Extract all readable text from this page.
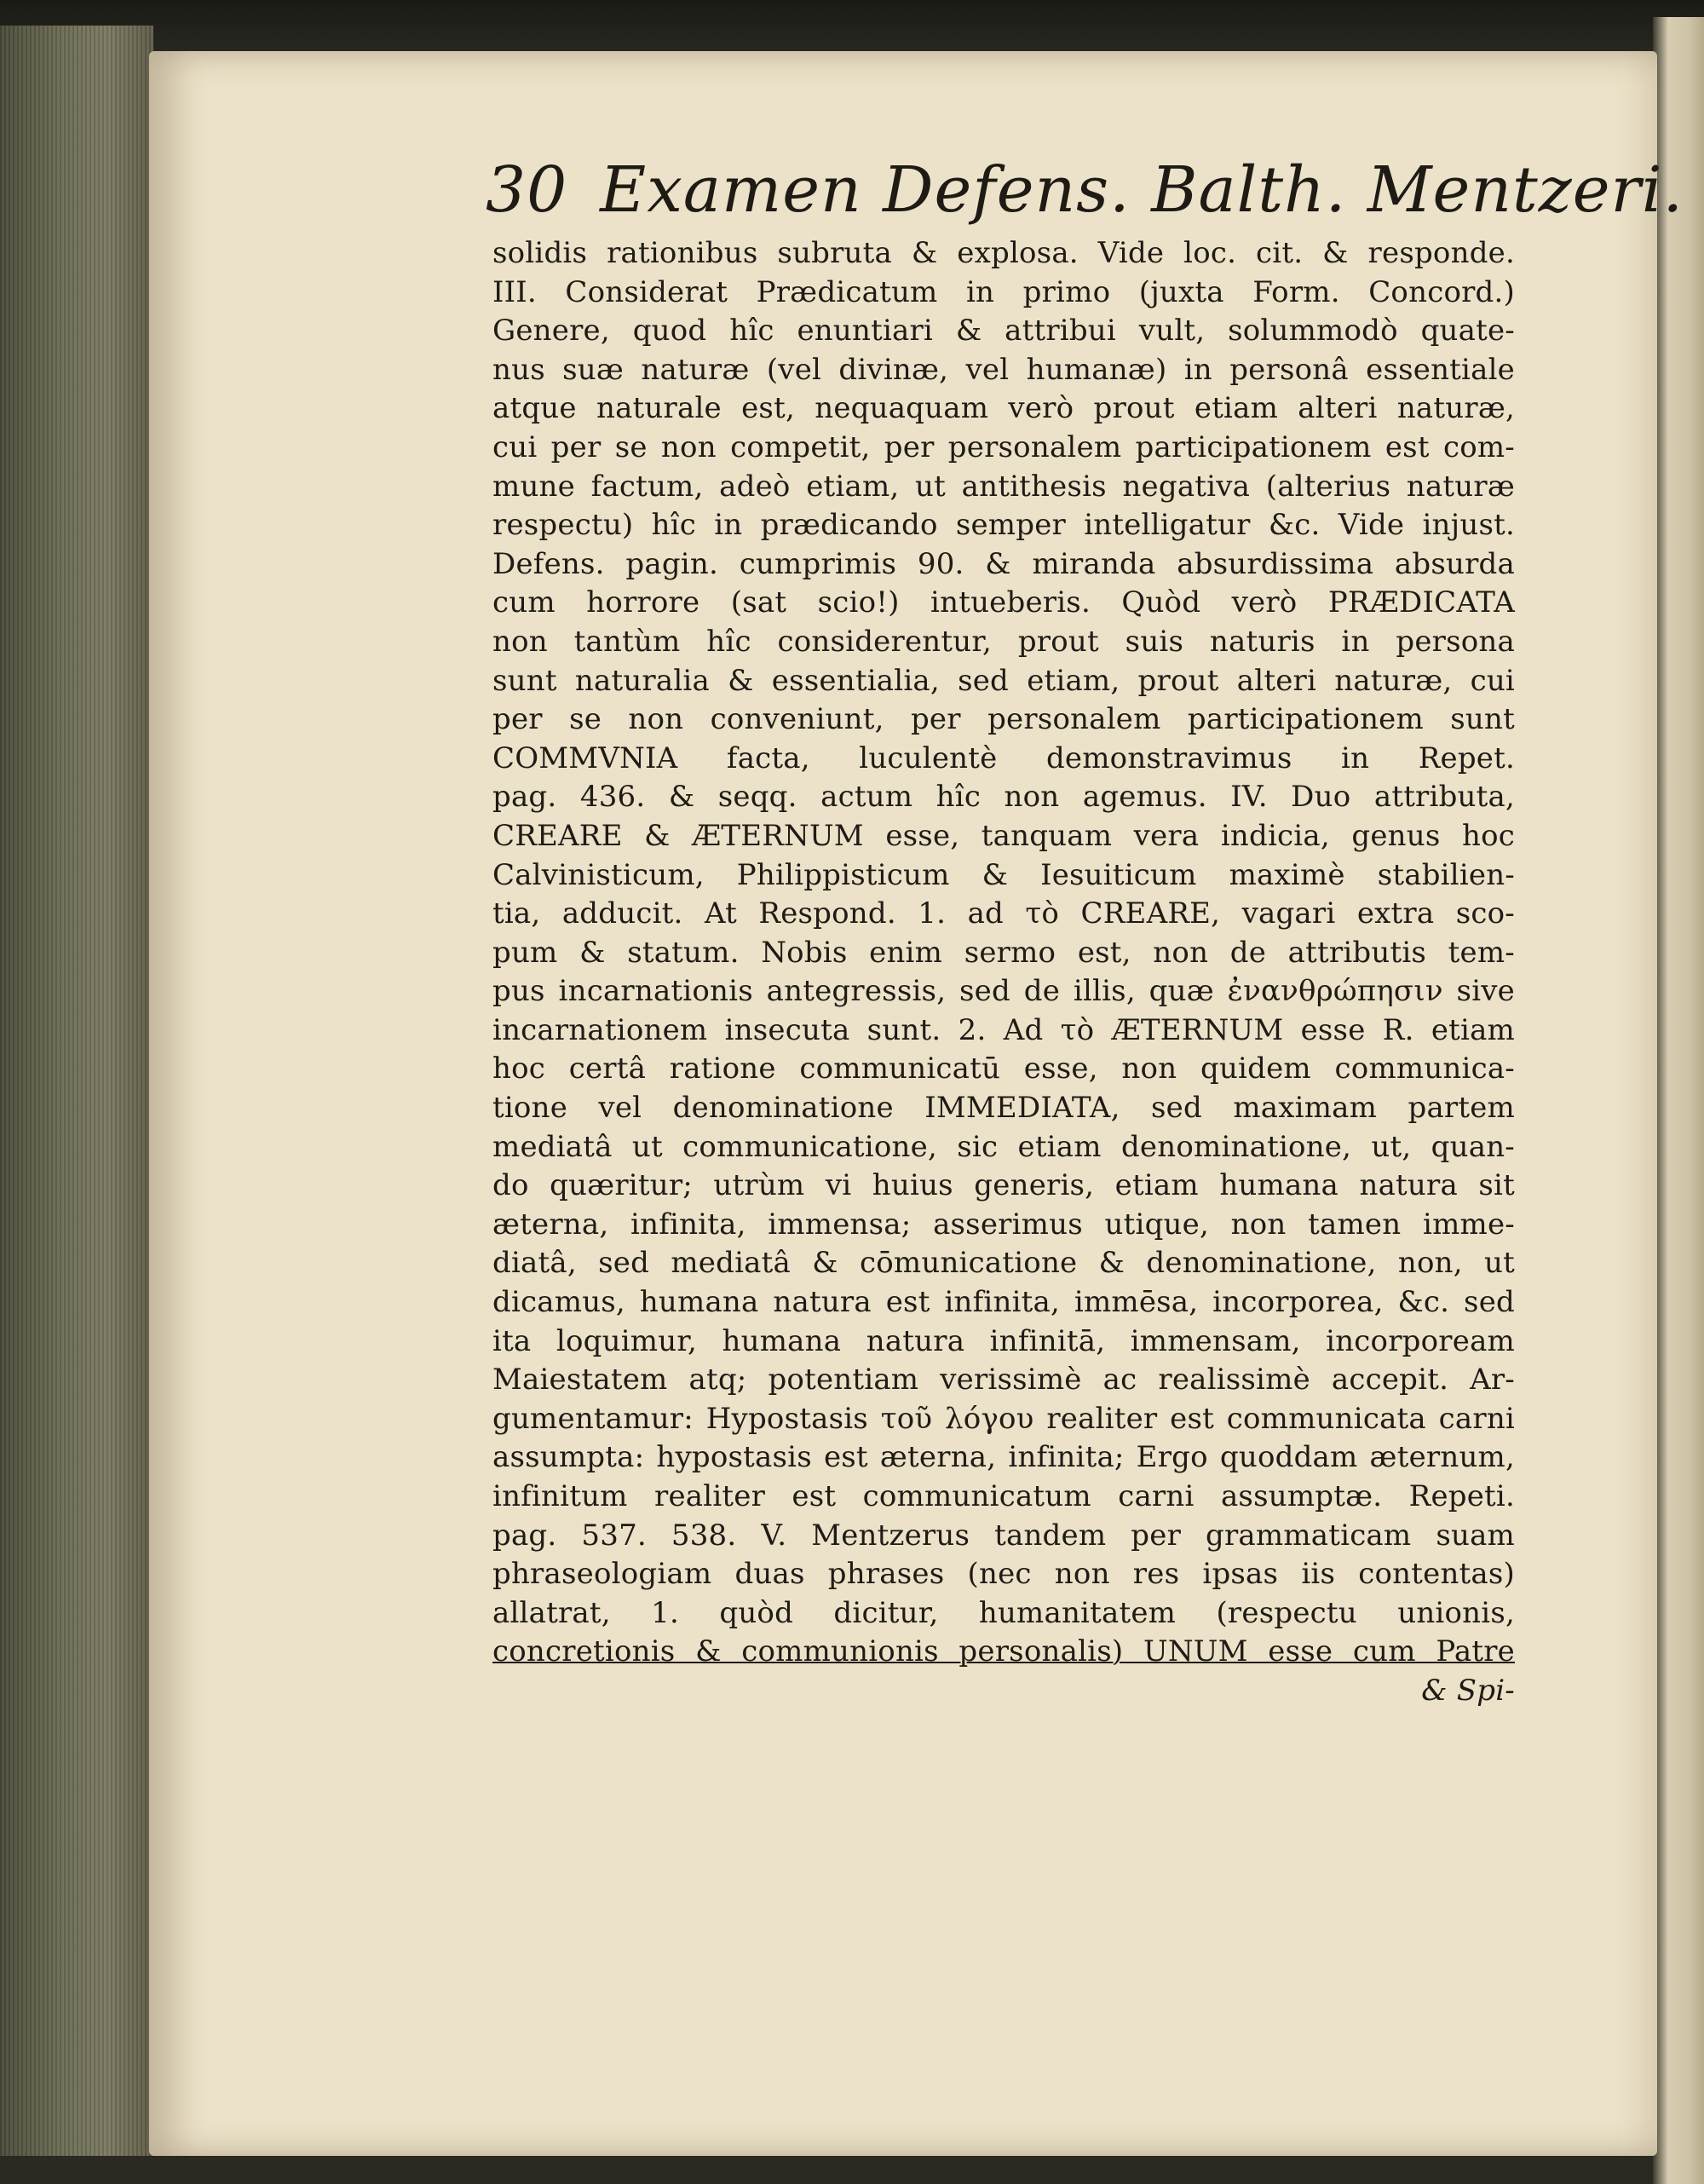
30 Examen Defens. Balth. Mentzeri.
solidis rationibus subruta & explosa. Vide loc. cit. & responde.
III. Considerat Prædicatum in primo (juxta Form. Concord.)
Genere, quod hîc enuntiari & attribui vult, solummodò quate-
nus suæ naturæ (vel divinæ, vel humanæ) in personâ essentiale
atque naturale est, nequaquam verò prout etiam alteri naturæ,
cui per se non competit, per personalem participationem est com-
mune factum, adeò etiam, ut antithesis negativa (alterius naturæ
respectu) hîc in prædicando semper intelligatur &c. Vide injust.
Defens. pagin. cumprimis 90. & miranda absurdissima absurda
cum horrore (sat scio!) intueberis. Quòd verò PRÆDICATA
non tantùm hîc considerentur, prout suis naturis in persona
sunt naturalia & essentialia, sed etiam, prout alteri naturæ, cui
per se non conveniunt, per personalem participationem sunt
COMMVNIA facta, luculentè demonstravimus in Repet.
pag. 436. & seqq. actum hîc non agemus. IV. Duo attributa,
CREARE & ÆTERNUM esse, tanquam vera indicia, genus hoc
Calvinisticum, Philippisticum & Iesuiticum maximè stabilien-
tia, adducit. At Respond. 1. ad τὸ CREARE, vagari extra sco-
pum & statum. Nobis enim sermo est, non de attributis tem-
pus incarnationis antegressis, sed de illis, quæ ἐνανθρώπησιν sive
incarnationem insecuta sunt. 2. Ad τὸ ÆTERNUM esse R. etiam
hoc certâ ratione communicatū esse, non quidem communica-
tione vel denominatione IMMEDIATA, sed maximam partem
mediatâ ut communicatione, sic etiam denominatione, ut, quan-
do quæritur; utrùm vi huius generis, etiam humana natura sit
æterna, infinita, immensa; asserimus utique, non tamen imme-
diatâ, sed mediatâ & cōmunicatione & denominatione, non, ut
dicamus, humana natura est infinita, immēsa, incorporea, &c. sed
ita loquimur, humana natura infinitā, immensam, incorpoream
Maiestatem atq; potentiam verissimè ac realissimè accepit. Ar-
gumentamur: Hypostasis τοῦ λόγου realiter est communicata carni
assumpta: hypostasis est æterna, infinita; Ergo quoddam æternum,
infinitum realiter est communicatum carni assumptæ. Repeti.
pag. 537. 538. V. Mentzerus tandem per grammaticam suam
phraseologiam duas phrases (nec non res ipsas iis contentas)
allatrat, 1. quòd dicitur, humanitatem (respectu unionis,
concretionis & communionis personalis) UNUM esse cum Patre
& Spi-
